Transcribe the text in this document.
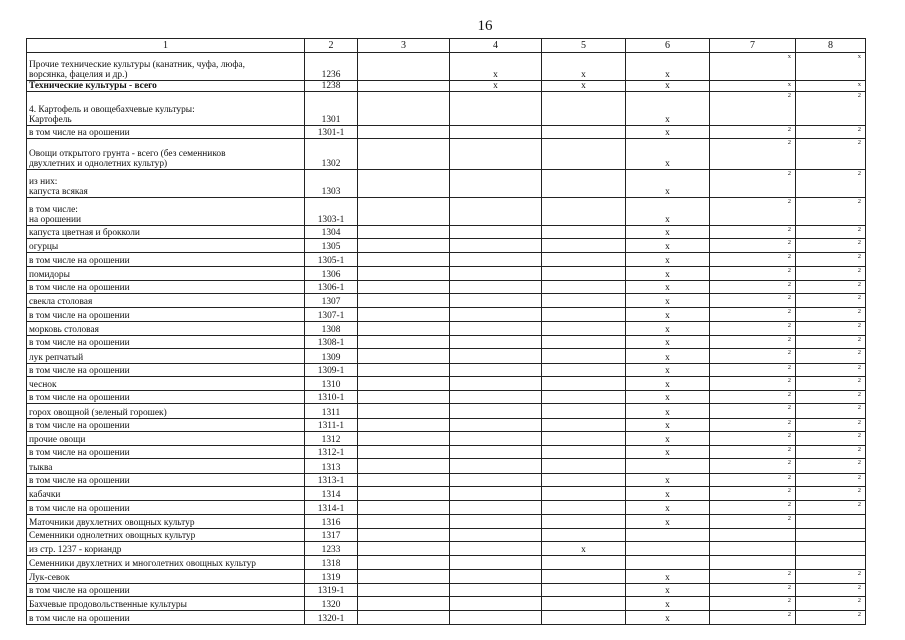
16
1	2	3	4	5	6	7	8

Прочие технические культуры (канатник, чуфа, люфа,
ворсянка, фацелия и др.)	1236		x	x	x	x	x

Технические культуры - всего	1238		x	x	x	x	x

4. Картофель и овощебахчевые культуры:
Картофель	1301				x	2	2

в том числе на орошении	1301-1				x	2	2

Овощи открытого грунта - всего (без семенников
двухлетних и однолетних культур)	1302				x	2	2

из них:
капуста всякая	1303				x	2	2

в том числе:
на орошении	1303-1				x	2	2

капуста цветная и брокколи	1304				x	2	2

огурцы	1305				x	2	2

в том числе на орошении	1305-1				x	2	2

помидоры	1306				x	2	2

в том числе на орошении	1306-1				x	2	2

свекла столовая	1307				x	2	2

в том числе на орошении	1307-1				x	2	2

морковь столовая	1308				x	2	2

в том числе на орошении	1308-1				x	2	2

лук репчатый	1309				x	2	2

в том числе на орошении	1309-1				x	2	2

чеснок	1310				x	2	2

в том числе на орошении	1310-1				x	2	2

горох овощной (зеленый горошек)	1311				x	2	2

в том числе на орошении	1311-1				x	2	2

прочие овощи	1312				x	2	2

в том числе на орошении	1312-1				x	2	2

тыква	1313					2	2

в том числе на орошении	1313-1				x	2	2

кабачки	1314				x	2	2

в том числе на орошении	1314-1				x	2	2

Маточники двухлетних овощных культур	1316				x	2	

Семенники однолетних овощных культур	1317					

из стр. 1237 - кориандр	1233			x		

Семенники двухлетних и многолетних овощных культур	1318					

Лук-севок	1319				x	2	2

в том числе на орошении	1319-1				x	2	2

Бахчевые продовольственные культуры	1320				x	2	2

в том числе на орошении	1320-1				x	2	2
